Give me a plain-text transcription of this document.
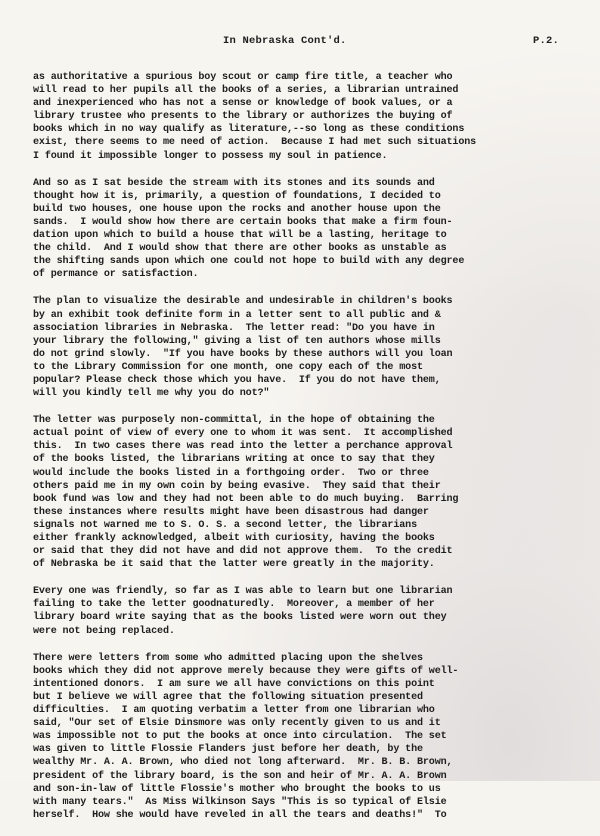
In Nebraska Cont'd.	P.2.
as authoritative a spurious boy scout or camp fire title, a teacher who
will read to her pupils all the books of a series, a librarian untrained
and inexperienced who has not a sense or knowledge of book values, or a
library trustee who presents to the library or authorizes the buying of
books which in no way qualify as literature,--so long as these conditions
exist, there seems to me need of action.  Because I had met such situations
I found it impossible longer to possess my soul in patience.
And so as I sat beside the stream with its stones and its sounds and
thought how it is, primarily, a question of foundations, I decided to
build two houses, one house upon the rocks and another house upon the
sands.  I would show how there are certain books that make a firm foun-
dation upon which to build a house that will be a lasting, heritage to
the child.  And I would show that there are other books as unstable as
the shifting sands upon which one could not hope to build with any degree
of permance or satisfaction.
The plan to visualize the desirable and undesirable in children's books
by an exhibit took definite form in a letter sent to all public and &
association libraries in Nebraska.  The letter read: "Do you have in
your library the following," giving a list of ten authors whose mills
do not grind slowly.  "If you have books by these authors will you loan
to the Library Commission for one month, one copy each of the most
popular? Please check those which you have.  If you do not have them,
will you kindly tell me why you do not?"
The letter was purposely non-committal, in the hope of obtaining the
actual point of view of every one to whom it was sent.  It accomplished
this.  In two cases there was read into the letter a perchance approval
of the books listed, the librarians writing at once to say that they
would include the books listed in a forthgoing order.  Two or three
others paid me in my own coin by being evasive.  They said that their
book fund was low and they had not been able to do much buying.  Barring
these instances where results might have been disastrous had danger
signals not warned me to S. O. S. a second letter, the librarians
either frankly acknowledged, albeit with curiosity, having the books
or said that they did not have and did not approve them.  To the credit
of Nebraska be it said that the latter were greatly in the majority.
Every one was friendly, so far as I was able to learn but one librarian
failing to take the letter goodnaturedly.  Moreover, a member of her
library board write saying that as the books listed were worn out they
were not being replaced.
There were letters from some who admitted placing upon the shelves
books which they did not approve merely because they were gifts of well-
intentioned donors.  I am sure we all have convictions on this point
but I believe we will agree that the following situation presented
difficulties.  I am quoting verbatim a letter from one librarian who
said, "Our set of Elsie Dinsmore was only recently given to us and it
was impossible not to put the books at once into circulation.  The set
was given to little Flossie Flanders just before her death, by the
wealthy Mr. A. A. Brown, who died not long afterward.  Mr. B. B. Brown,
president of the library board, is the son and heir of Mr. A. A. Brown
and son-in-law of little Flossie's mother who brought the books to us
with many tears."  As Miss Wilkinson Says "This is so typical of Elsie
herself.  How she would have reveled in all the tears and deaths!"  To
